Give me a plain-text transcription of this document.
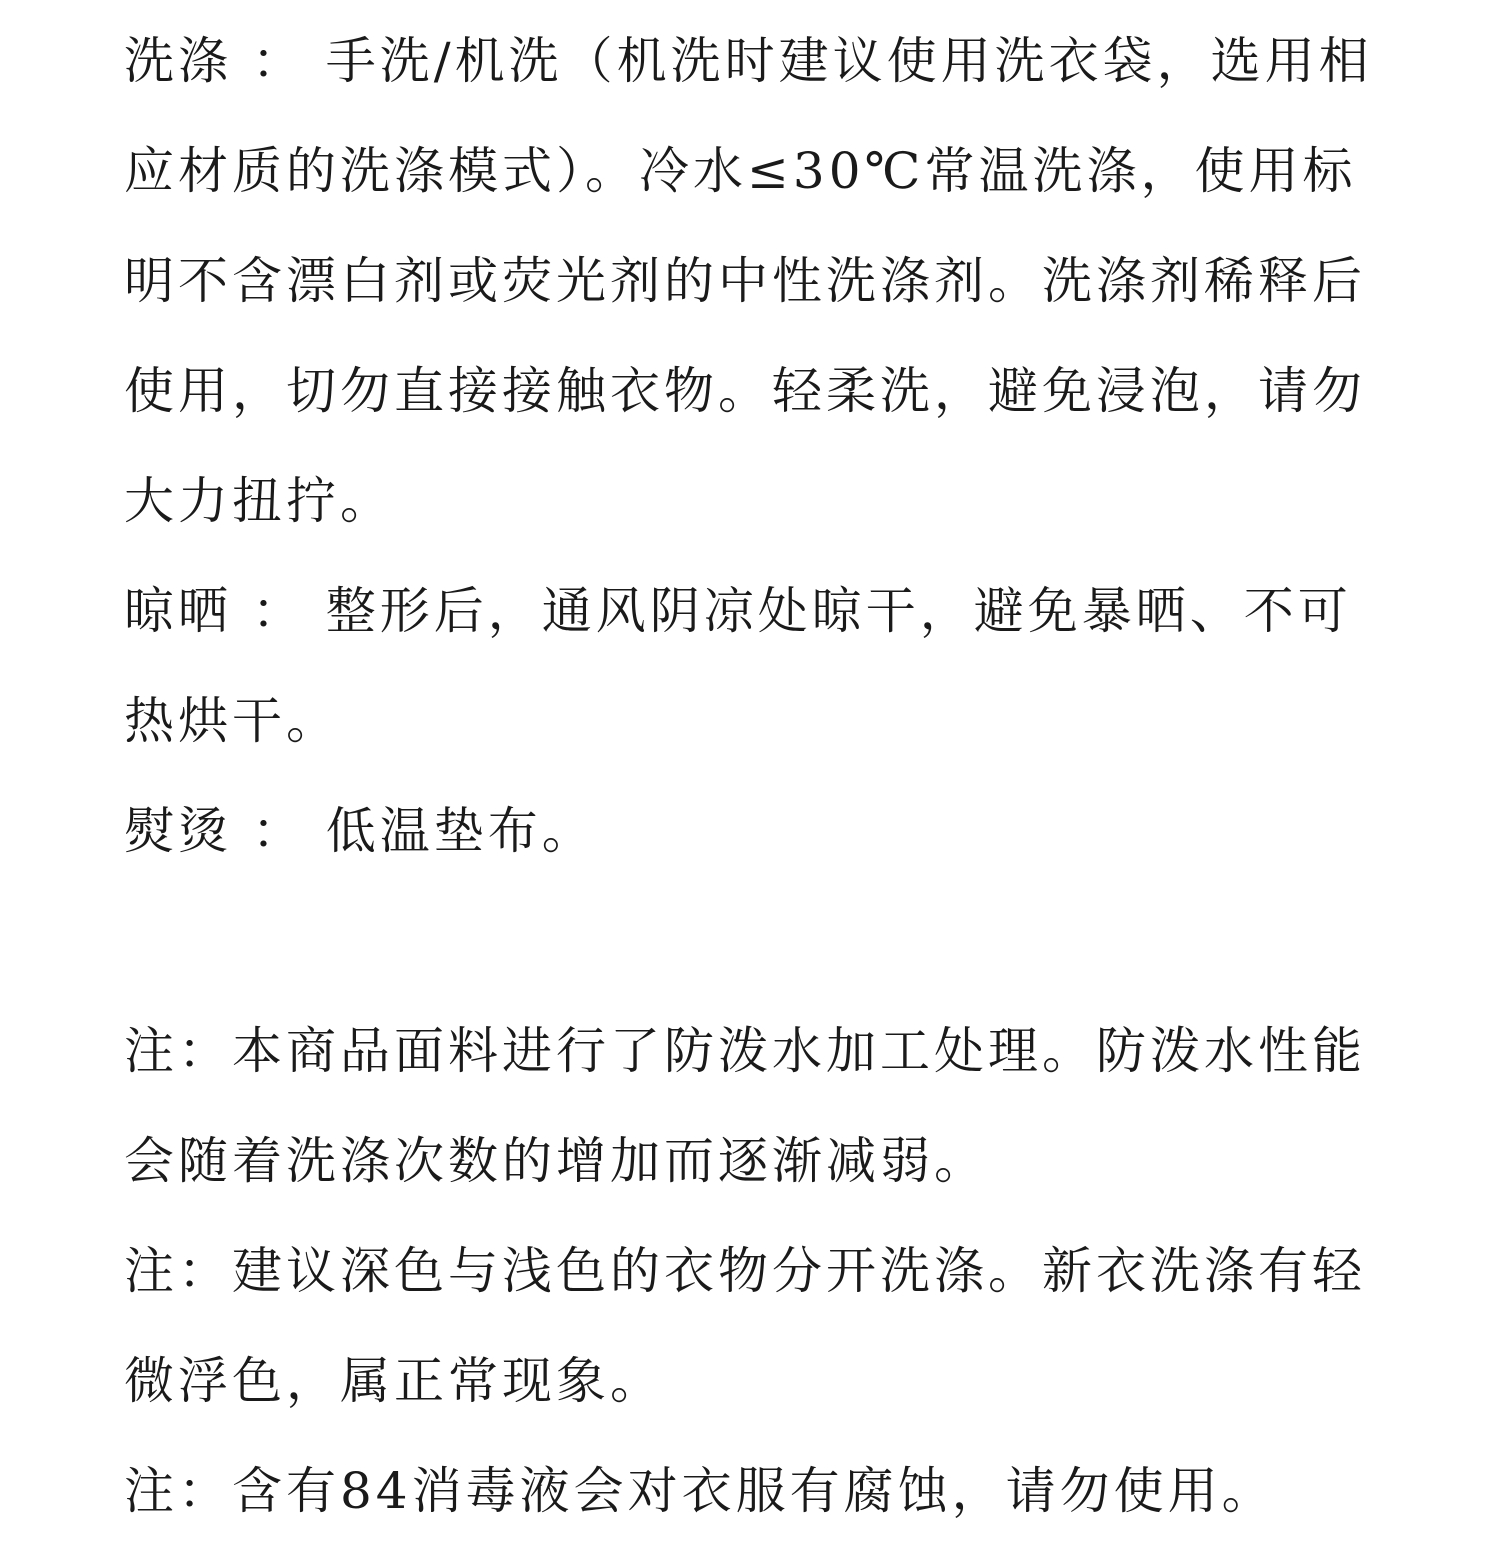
洗涤 ： 手洗/机洗（机洗时建议使用洗衣袋，选用相应材质的洗涤模式）。冷水≤30℃常温洗涤，使用标明不含漂白剂或荧光剂的中性洗涤剂。洗涤剂稀释后使用，切勿直接接触衣物。轻柔洗，避免浸泡，请勿大力扭拧。

晾晒 ： 整形后，通风阴凉处晾干，避免暴晒、不可热烘干。

熨烫 ： 低温垫布。

注：本商品面料进行了防泼水加工处理。防泼水性能会随着洗涤次数的增加而逐渐减弱。

注：建议深色与浅色的衣物分开洗涤。新衣洗涤有轻微浮色，属正常现象。

注：含有84消毒液会对衣服有腐蚀，请勿使用。
